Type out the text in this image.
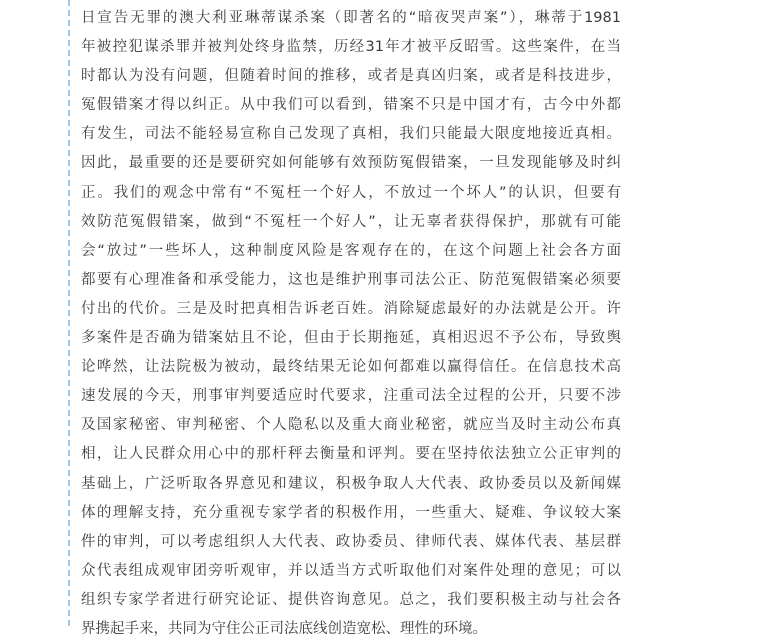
日宣告无罪的澳大利亚琳蒂谋杀案（即著名的“暗夜哭声案”），琳蒂于1981
年被控犯谋杀罪并被判处终身监禁，历经31年才被平反昭雪。这些案件，在当
时都认为没有问题，但随着时间的推移，或者是真凶归案，或者是科技进步，
冤假错案才得以纠正。从中我们可以看到，错案不只是中国才有，古今中外都
有发生，司法不能轻易宣称自己发现了真相，我们只能最大限度地接近真相。
因此，最重要的还是要研究如何能够有效预防冤假错案，一旦发现能够及时纠
正。我们的观念中常有“不冤枉一个好人，不放过一个坏人”的认识，但要有
效防范冤假错案，做到“不冤枉一个好人”，让无辜者获得保护，那就有可能
会“放过”一些坏人，这种制度风险是客观存在的，在这个问题上社会各方面
都要有心理准备和承受能力，这也是维护刑事司法公正、防范冤假错案必须要
付出的代价。三是及时把真相告诉老百姓。消除疑虑最好的办法就是公开。许
多案件是否确为错案姑且不论，但由于长期拖延，真相迟迟不予公布，导致舆
论哗然，让法院极为被动，最终结果无论如何都难以赢得信任。在信息技术高
速发展的今天，刑事审判要适应时代要求，注重司法全过程的公开，只要不涉
及国家秘密、审判秘密、个人隐私以及重大商业秘密，就应当及时主动公布真
相，让人民群众用心中的那杆秤去衡量和评判。要在坚持依法独立公正审判的
基础上，广泛听取各界意见和建议，积极争取人大代表、政协委员以及新闻媒
体的理解支持，充分重视专家学者的积极作用，一些重大、疑难、争议较大案
件的审判，可以考虑组织人大代表、政协委员、律师代表、媒体代表、基层群
众代表组成观审团旁听观审，并以适当方式听取他们对案件处理的意见；可以
组织专家学者进行研究论证、提供咨询意见。总之，我们要积极主动与社会各
界携起手来，共同为守住公正司法底线创造宽松、理性的环境。
